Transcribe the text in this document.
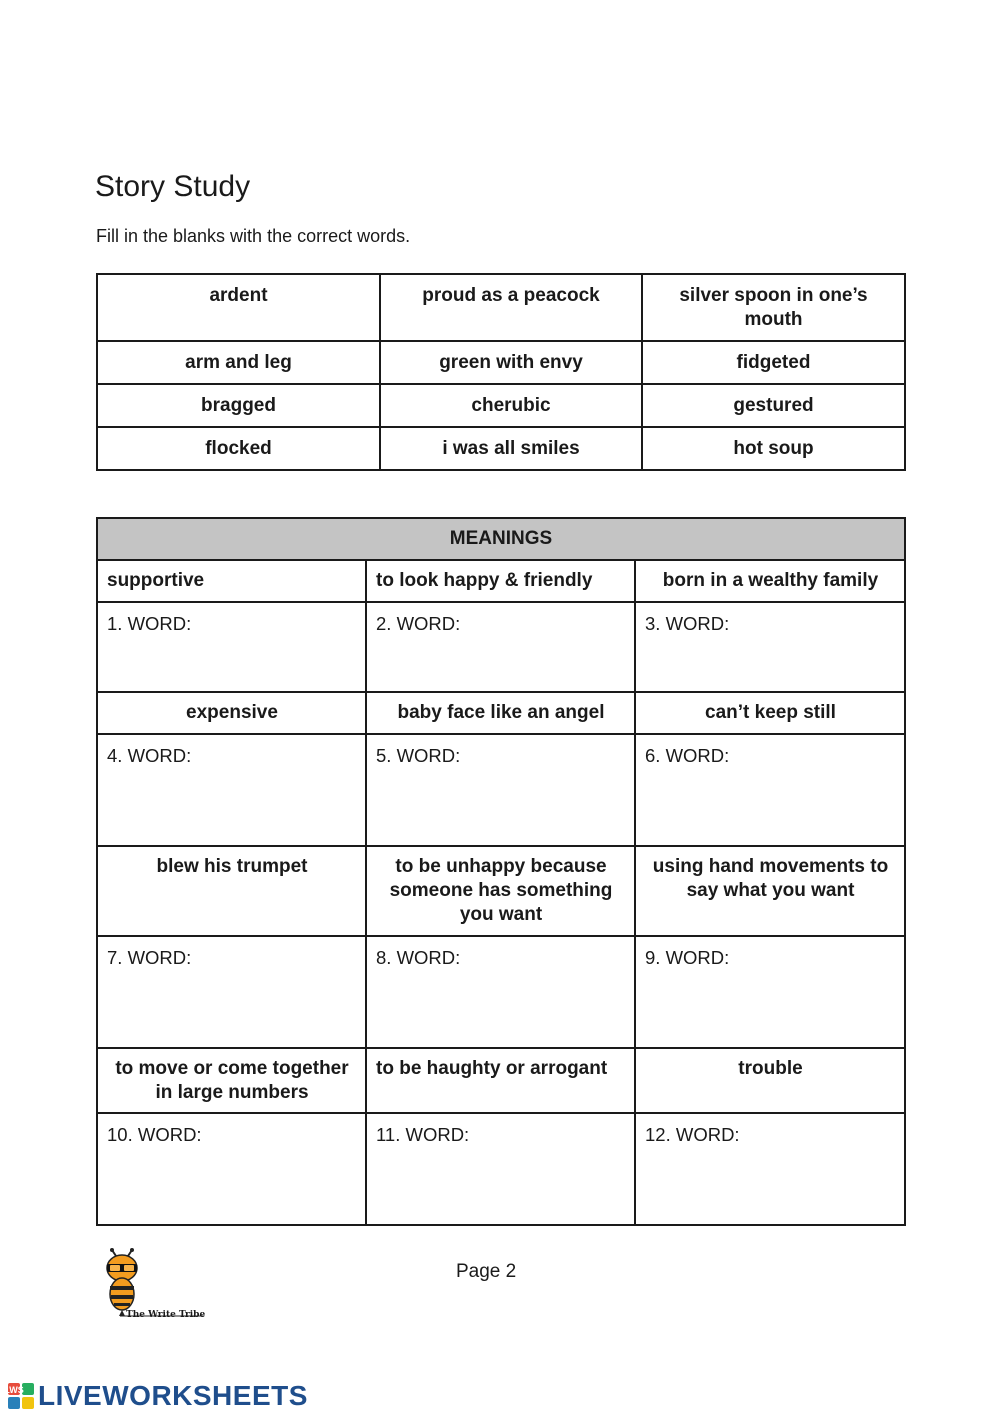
Story Study
Fill in the blanks with the correct words.
ardent	proud as a peacock	silver spoon in one’s mouth
arm and leg	green with envy	fidgeted
bragged	cherubic	gestured
flocked	i was all smiles	hot soup
MEANINGS		
supportive	to look happy & friendly	born in a wealthy family
1. WORD:	2. WORD:	3. WORD:
expensive	baby face like an angel	can’t keep still
4. WORD:	5. WORD:	6. WORD:
blew his trumpet	to be unhappy because someone has something you want	using hand movements to say what you want
7. WORD:	8. WORD:	9. WORD:
to move or come together in large numbers	to be haughty or arrogant	trouble
10. WORD:	11. WORD:	12. WORD:
The Write Tribe
Page 2
LWS LIVEWORKSHEETS
